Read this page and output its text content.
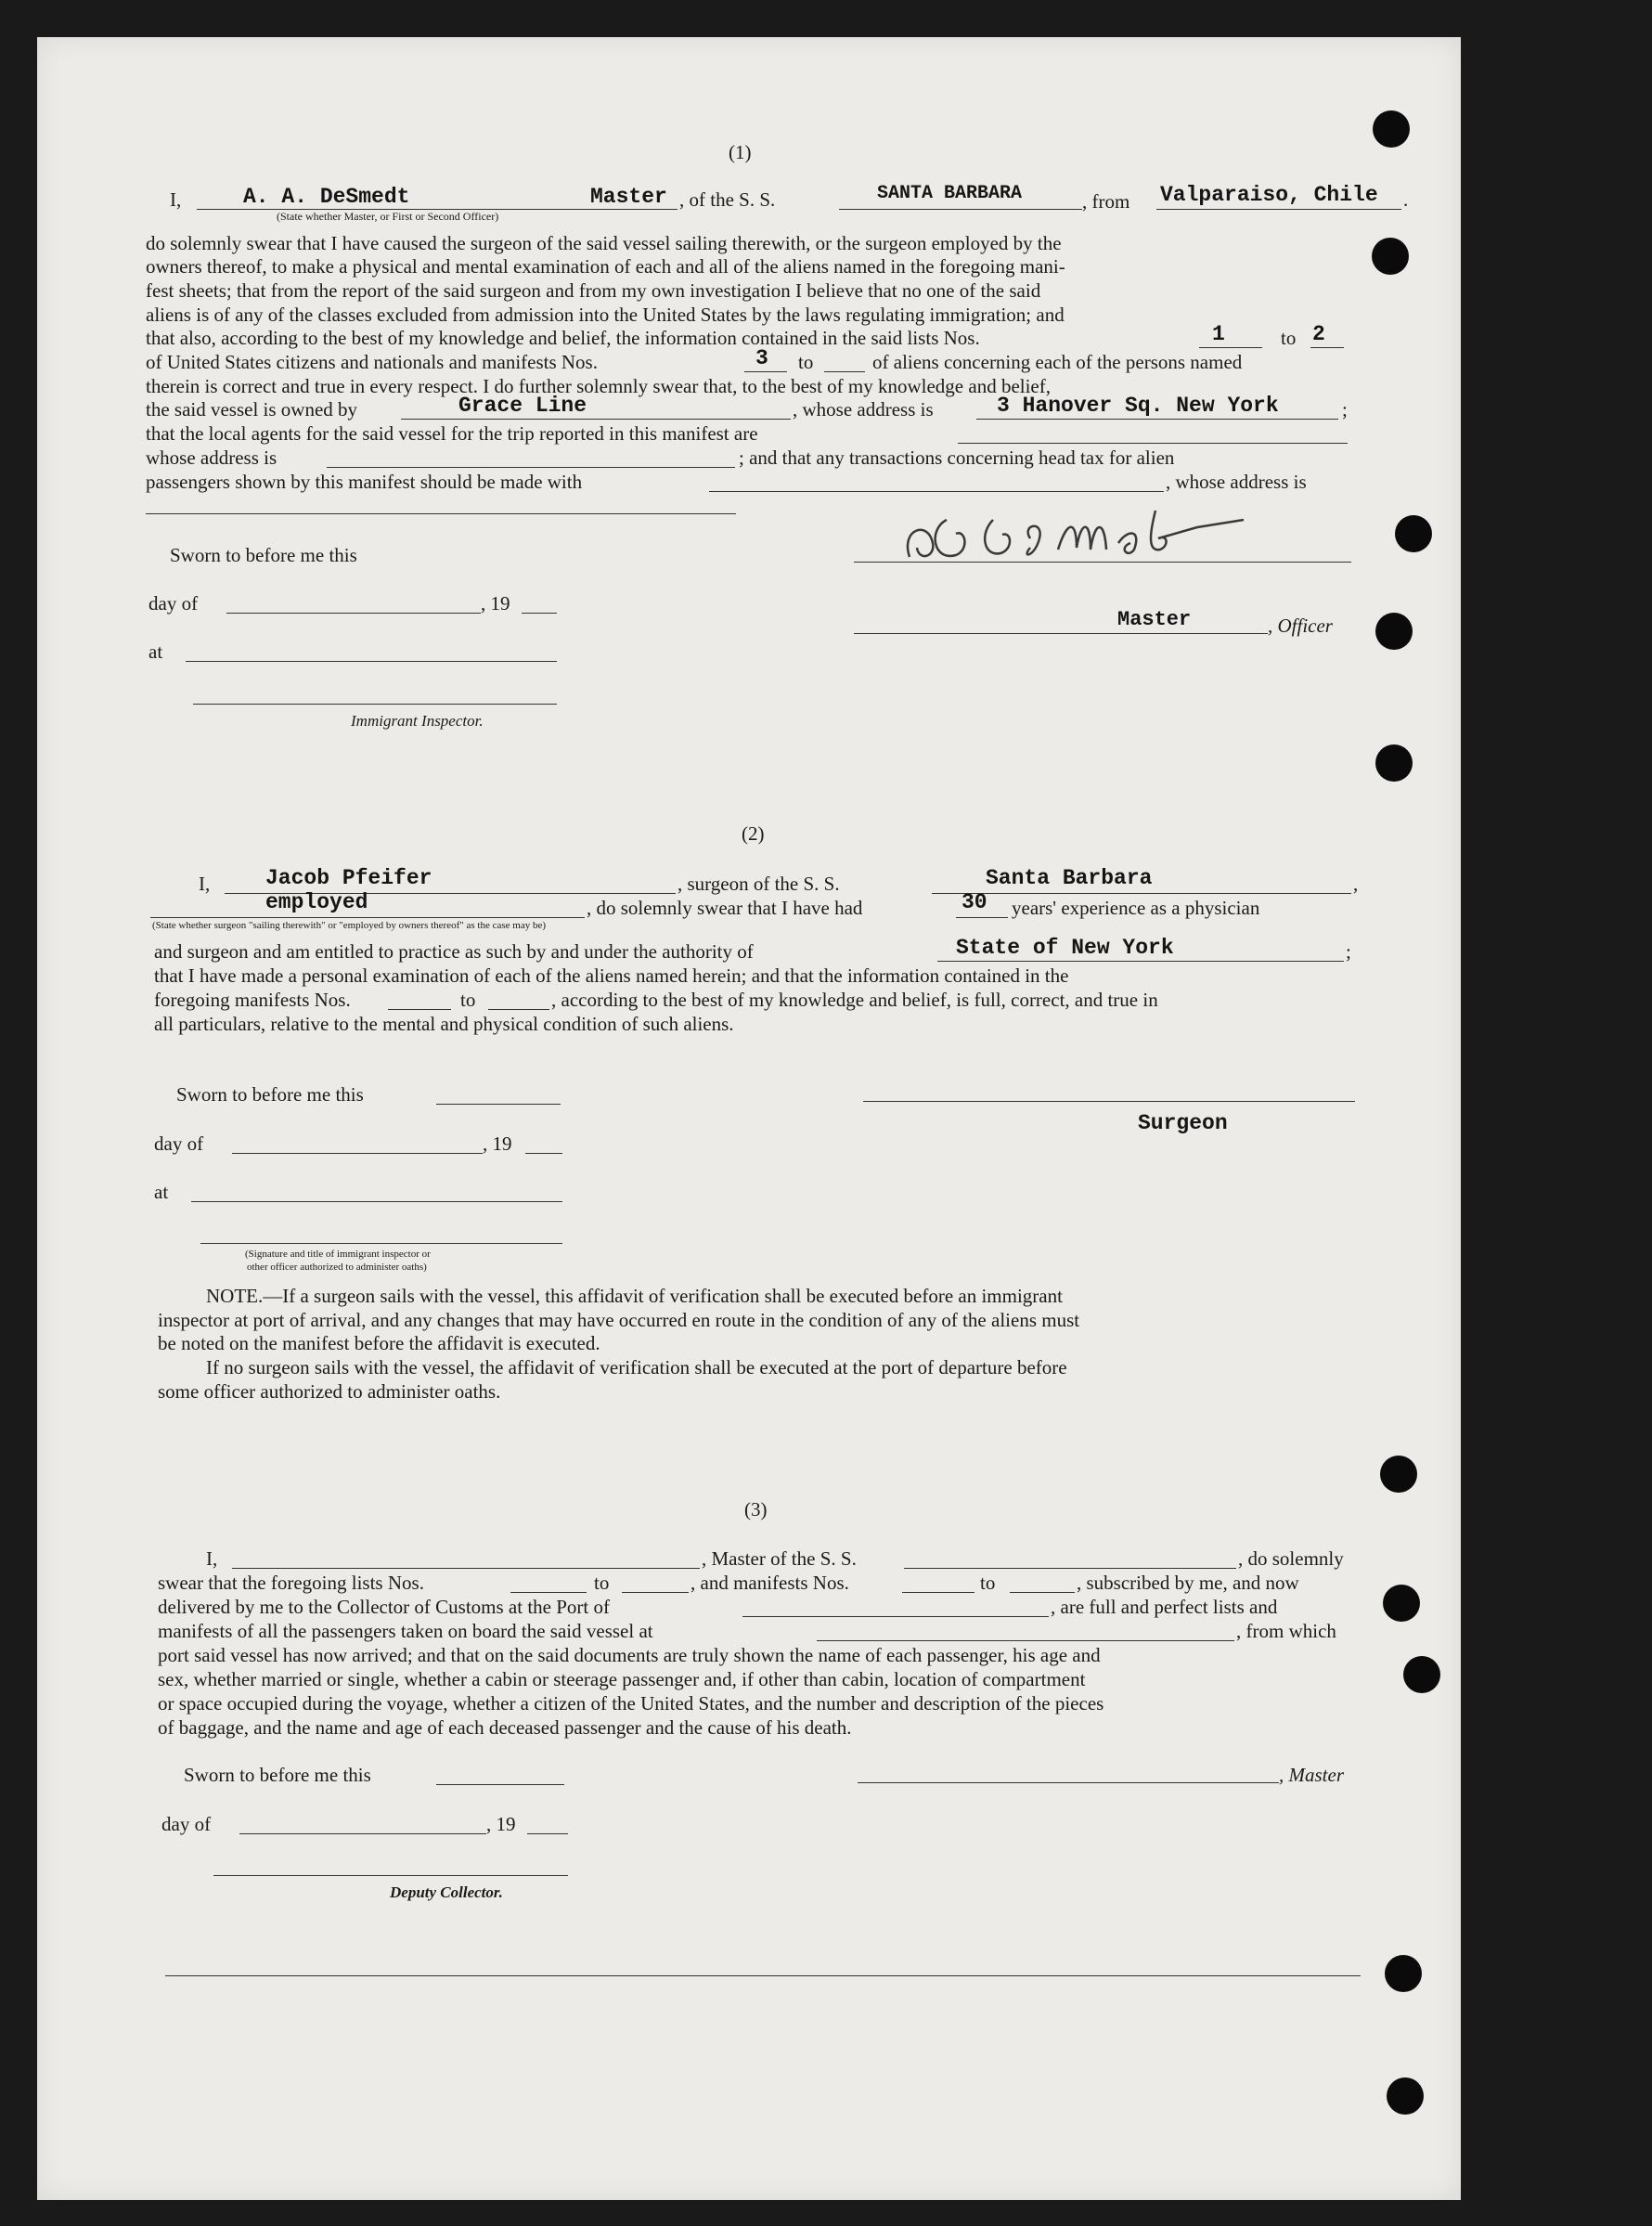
(1)
I,	A. A. DeSmedt	Master , of the S. S.	SANTA BARBARA	, from Valparaiso, Chile .
(State whether Master, or First or Second Officer)
do solemnly swear that I have caused the surgeon of the said vessel sailing therewith, or the surgeon employed by the
owners thereof, to make a physical and mental examination of each and all of the aliens named in the foregoing mani-
fest sheets; that from the report of the said surgeon and from my own investigation I believe that no one of the said
aliens is of any of the classes excluded from admission into the United States by the laws regulating immigration; and
that also, according to the best of my knowledge and belief, the information contained in the said lists Nos.	1	to 2
of United States citizens and nationals and manifests Nos.	3 to	of aliens concerning each of the persons named
therein is correct and true in every respect. I do further solemnly swear that, to the best of my knowledge and belief,
the said vessel is owned by	Grace Line	, whose address is	3 Hanover Sq. New York	;
that the local agents for the said vessel for the trip reported in this manifest are
whose address is	; and that any transactions concerning head tax for alien
passengers shown by this manifest should be made with	, whose address is
Sworn to before me this
day of	, 19
Master	, Officer
at
Immigrant Inspector.
(2)
I,	Jacob Pfeifer	, surgeon of the S. S.	Santa Barbara	,
employed	, do solemnly swear that I have had	30 years' experience as a physician
(State whether surgeon "sailing therewith" or "employed by owners thereof" as the case may be)
and surgeon and am entitled to practice as such by and under the authority of	State of New York	;
that I have made a personal examination of each of the aliens named herein; and that the information contained in the
foregoing manifests Nos.	to	, according to the best of my knowledge and belief, is full, correct, and true in
all particulars, relative to the mental and physical condition of such aliens.
Sworn to before me this
day of	, 19
Surgeon
at
(Signature and title of immigrant inspector or
other officer authorized to administer oaths)
NOTE.—If a surgeon sails with the vessel, this affidavit of verification shall be executed before an immigrant
inspector at port of arrival, and any changes that may have occurred en route in the condition of any of the aliens must
be noted on the manifest before the affidavit is executed.
If no surgeon sails with the vessel, the affidavit of verification shall be executed at the port of departure before
some officer authorized to administer oaths.
(3)
I,	, Master of the S. S.	, do solemnly
swear that the foregoing lists Nos.	to	, and manifests Nos.	to	, subscribed by me, and now
delivered by me to the Collector of Customs at the Port of	, are full and perfect lists and
manifests of all the passengers taken on board the said vessel at	, from which
port said vessel has now arrived; and that on the said documents are truly shown the name of each passenger, his age and
sex, whether married or single, whether a cabin or steerage passenger and, if other than cabin, location of compartment
or space occupied during the voyage, whether a citizen of the United States, and the number and description of the pieces
of baggage, and the name and age of each deceased passenger and the cause of his death.
Sworn to before me this	, Master
day of	, 19
Deputy Collector.
